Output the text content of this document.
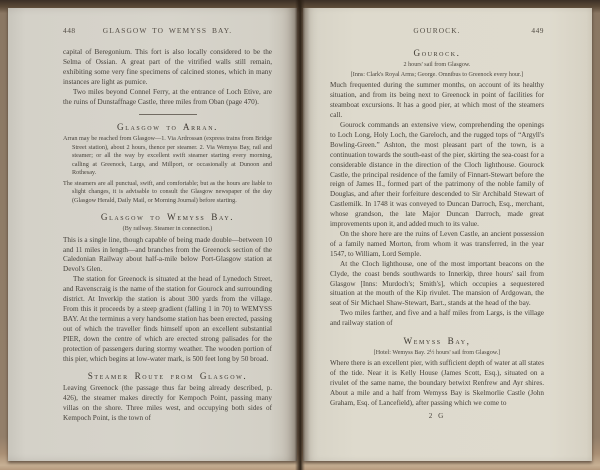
448	GLASGOW TO WEMYSS BAY.
capital of Beregonium. This fort is also locally considered to be the Selma of Ossian. A great part of the vitrified walls still remain, exhibiting some very fine specimens of calcined stones, which in many instances are light as pumice.
Two miles beyond Connel Ferry, at the entrance of Loch Etive, are the ruins of Dunstaffnage Castle, three miles from Oban (page 470).
Glasgow to Arran.
Arran may be reached from Glasgow—1. Via Ardrossan (express trains from Bridge Street station), about 2 hours, thence per steamer. 2. Via Wemyss Bay, rail and steamer; or all the way by excellent swift steamer starting every morning, calling at Greenock, Largs, and Millport, or occasionally at Dunoon and Rothesay.
The steamers are all punctual, swift, and comfortable; but as the hours are liable to slight changes, it is advisable to consult the Glasgow newspaper of the day (Glasgow Herald, Daily Mail, or Morning Journal) before starting.
Glasgow to Wemyss Bay.
(By railway. Steamer in connection.)
This is a single line, though capable of being made double—between 10 and 11 miles in length—and branches from the Greenock section of the Caledonian Railway about half-a-mile below Port-Glasgow station at Devol's Glen.
The station for Greenock is situated at the head of Lynedoch Street, and Ravenscraig is the name of the station for Gourock and surrounding district. At Inverkip the station is about 300 yards from the village. From this it proceeds by a steep gradient (falling 1 in 70) to WEMYSS BAY. At the terminus a very handsome station has been erected, passing out of which the traveller finds himself upon an excellent substantial PIER, down the centre of which are erected strong palisades for the protection of passengers during stormy weather. The wooden portion of this pier, which begins at low-water mark, is 500 feet long by 50 broad.
Steamer Route from Glasgow.
Leaving Greenock (the passage thus far being already described, p. 426), the steamer makes directly for Kempoch Point, passing many villas on the shore. Three miles west, and occupying both sides of Kempoch Point, is the town of
GOUROCK.	449
Gourock.
2 hours' sail from Glasgow.
[Inns: Clark's Royal Arms; George. Omnibus to Greenock every hour.]
Much frequented during the summer months, on account of its healthy situation, and from its being next to Greenock in point of facilities for steamboat excursions. It has a good pier, at which most of the steamers call.
Gourock commands an extensive view, comprehending the openings to Loch Long, Holy Loch, the Gareloch, and the rugged tops of “Argyll's Bowling-Green.” Ashton, the most pleasant part of the town, is a continuation towards the south-east of the pier, skirting the sea-coast for a considerable distance in the direction of the Cloch lighthouse. Gourock Castle, the principal residence of the family of Finnart-Stewart before the reign of James II., formed part of the patrimony of the noble family of Douglas, and after their forfeiture descended to Sir Archibald Stewart of Castlemilk. In 1748 it was conveyed to Duncan Darroch, Esq., merchant, whose grandson, the late Major Duncan Darroch, made great improvements upon it, and added much to its value.
On the shore here are the ruins of Leven Castle, an ancient possession of a family named Morton, from whom it was transferred, in the year 1547, to William, Lord Semple.
At the Cloch lighthouse, one of the most important beacons on the Clyde, the coast bends southwards to Innerkip, three hours' sail from Glasgow [Inns: Murdoch's; Smith's], which occupies a sequestered situation at the mouth of the Kip rivulet. The mansion of Ardgowan, the seat of Sir Michael Shaw-Stewart, Bart., stands at the head of the bay.
Two miles farther, and five and a half miles from Largs, is the village and railway station of
Wemyss Bay,
[Hotel: Wemyss Bay. 2½ hours' sail from Glasgow.]
Where there is an excellent pier, with sufficient depth of water at all states of the tide. Near it is Kelly House (James Scott, Esq.), situated on a rivulet of the same name, the boundary betwixt Renfrew and Ayr shires. About a mile and a half from Wemyss Bay is Skelmorlie Castle (John Graham, Esq. of Lancefield), after passing which we come to
2 G
